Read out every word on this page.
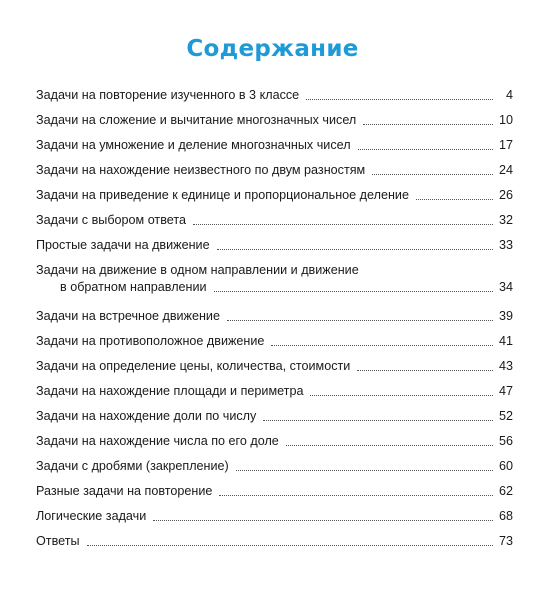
Содержание
Задачи на повторение изученного в 3 классе	4
Задачи на сложение и вычитание многозначных чисел	10
Задачи на умножение и деление многозначных чисел	17
Задачи на нахождение неизвестного по двум разностям	24
Задачи на приведение к единице и пропорциональное деление	26
Задачи с выбором ответа	32
Простые задачи на движение	33
Задачи на движение в одном направлении и движение
в обратном направлении	34
Задачи на встречное движение	39
Задачи на противоположное движение	41
Задачи на определение цены, количества, стоимости	43
Задачи на нахождение площади и периметра	47
Задачи на нахождение доли по числу	52
Задачи на нахождение числа по его доле	56
Задачи с дробями (закрепление)	60
Разные задачи на повторение	62
Логические задачи	68
Ответы	73
